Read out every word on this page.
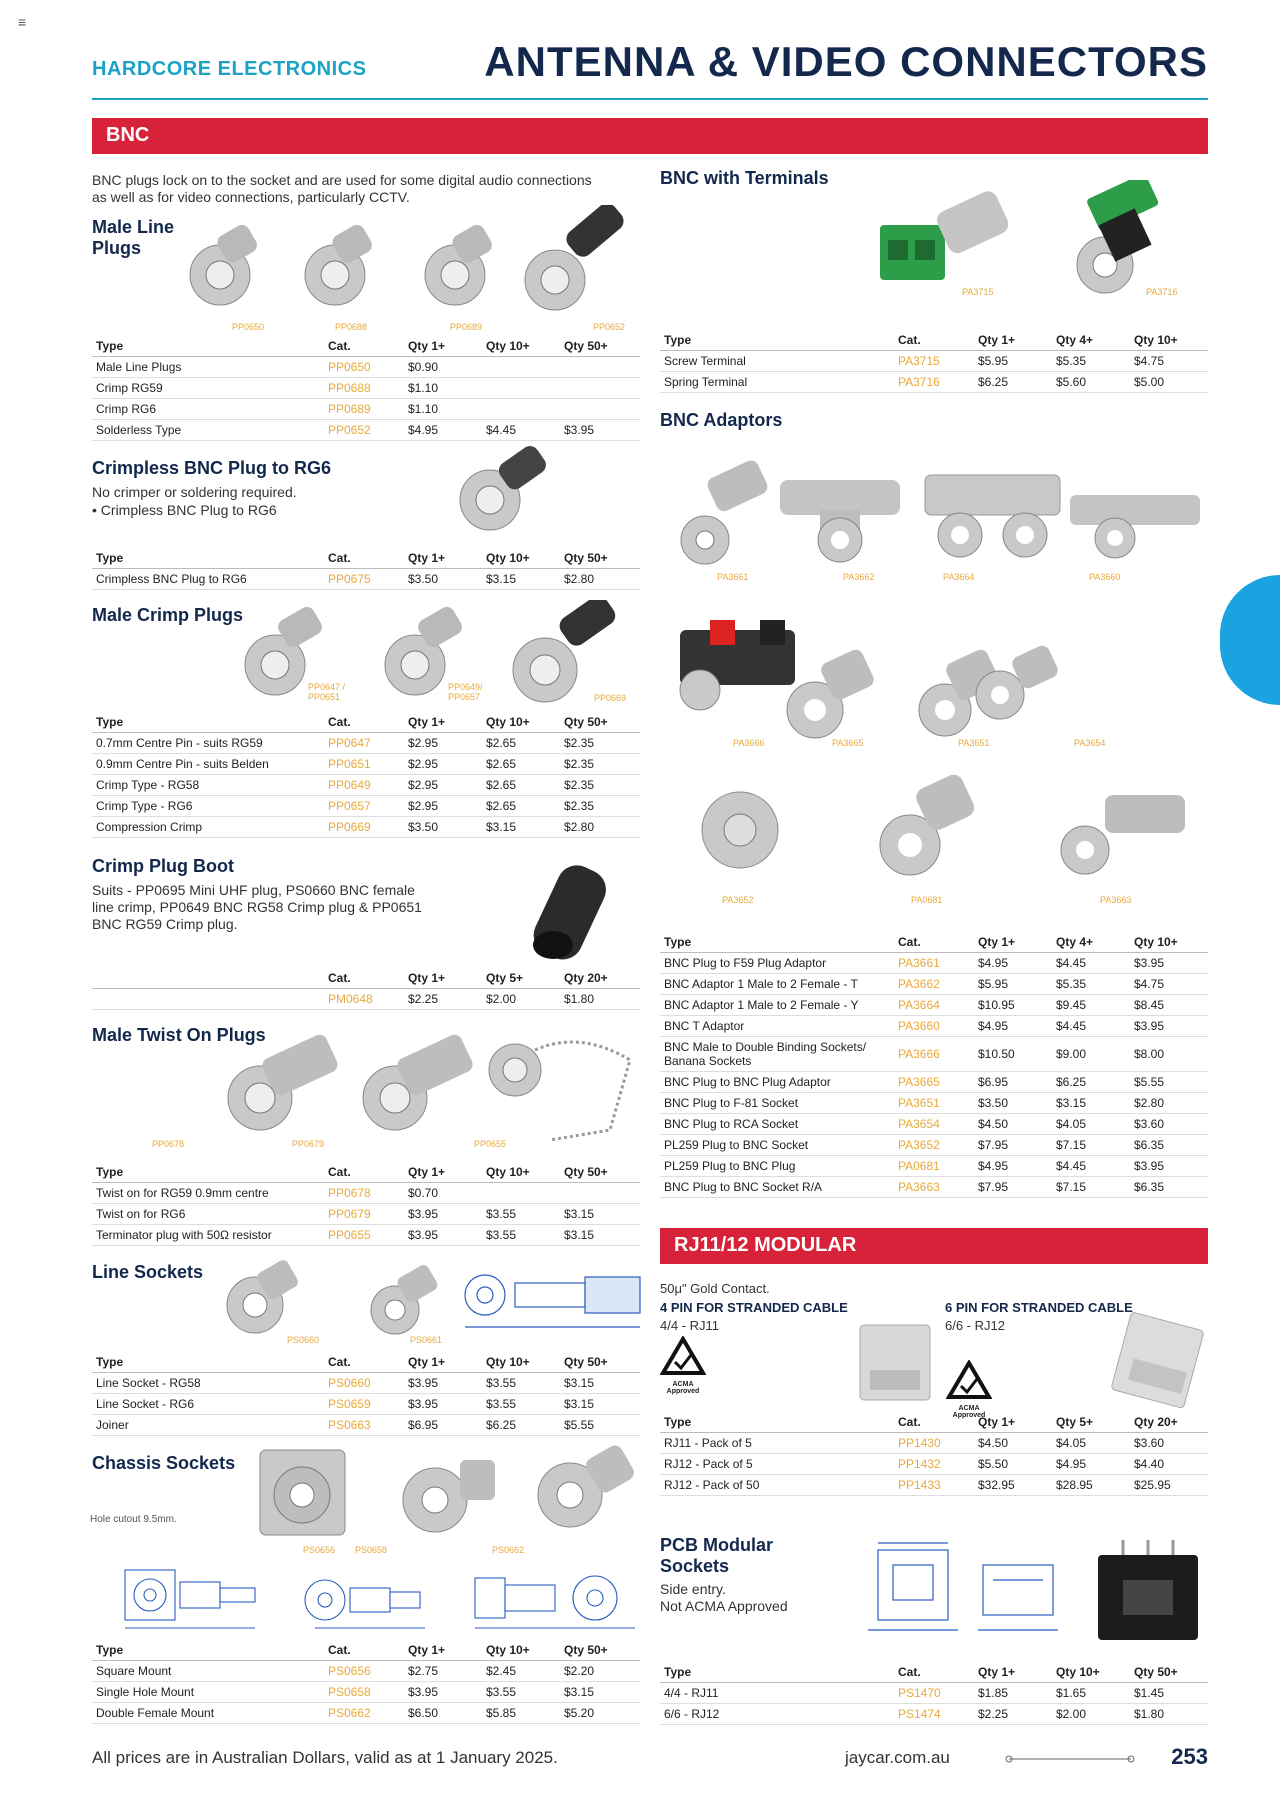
≡
HARDCORE ELECTRONICS	ANTENNA & VIDEO CONNECTORS
BNC
BNC plugs lock on to the socket and are used for some digital audio connections as well as for video connections, particularly CCTV.
Male Line Plugs
PP0650	PP0688	PP0689	PP0652
Type	Cat.	Qty 1+	Qty 10+	Qty 50+
Male Line Plugs	PP0650	$0.90		
Crimp RG59	PP0688	$1.10		
Crimp RG6	PP0689	$1.10		
Solderless Type	PP0652	$4.95	$4.45	$3.95
Crimpless BNC Plug to RG6
No crimper or soldering required.
• Crimpless BNC Plug to RG6
Type	Cat.	Qty 1+	Qty 10+	Qty 50+
Crimpless BNC Plug to RG6	PP0675	$3.50	$3.15	$2.80
Male Crimp Plugs
PP0647 / PP0651
PP0649/ PP0657	PP0669
Type	Cat.	Qty 1+	Qty 10+	Qty 50+
0.7mm Centre Pin - suits RG59	PP0647	$2.95	$2.65	$2.35
0.9mm Centre Pin - suits Belden	PP0651	$2.95	$2.65	$2.35
Crimp Type - RG58	PP0649	$2.95	$2.65	$2.35
Crimp Type - RG6	PP0657	$2.95	$2.65	$2.35
Compression Crimp	PP0669	$3.50	$3.15	$2.80
Crimp Plug Boot
Suits - PP0695 Mini UHF plug, PS0660 BNC female line crimp, PP0649 BNC RG58 Crimp plug & PP0651 BNC RG59 Crimp plug.
	Cat.	Qty 1+	Qty 5+	Qty 20+
	PM0648	$2.25	$2.00	$1.80
Male Twist On Plugs
PP0678	PP0679	PP0655
Type	Cat.	Qty 1+	Qty 10+	Qty 50+
Twist on for RG59 0.9mm centre	PP0678	$0.70		
Twist on for RG6	PP0679	$3.95	$3.55	$3.15
Terminator plug with 50Ω resistor	PP0655	$3.95	$3.55	$3.15
Line Sockets
PS0660	PS0661
Type	Cat.	Qty 1+	Qty 10+	Qty 50+
Line Socket - RG58	PS0660	$3.95	$3.55	$3.15
Line Socket - RG6	PS0659	$3.95	$3.55	$3.15
Joiner	PS0663	$6.95	$6.25	$5.55
Chassis Sockets
Hole cutout 9.5mm.
PS0656 PS0658	PS0662
Type	Cat.	Qty 1+	Qty 10+	Qty 50+
Square Mount	PS0656	$2.75	$2.45	$2.20
Single Hole Mount	PS0658	$3.95	$3.55	$3.15
Double Female Mount	PS0662	$6.50	$5.85	$5.20
BNC with Terminals
PA3715	PA3716
Type	Cat.	Qty 1+	Qty 4+	Qty 10+
Screw Terminal	PA3715	$5.95	$5.35	$4.75
Spring Terminal	PA3716	$6.25	$5.60	$5.00
BNC Adaptors
PA3661	PA3662	PA3664	PA3660
PA3666	PA3665	PA3651	PA3654
PA3652	PA0681	PA3663
Type	Cat.	Qty 1+	Qty 4+	Qty 10+
BNC Plug to F59 Plug Adaptor	PA3661	$4.95	$4.45	$3.95
BNC Adaptor 1 Male to 2 Female - T	PA3662	$5.95	$5.35	$4.75
BNC Adaptor 1 Male to 2 Female - Y	PA3664	$10.95	$9.45	$8.45
BNC T Adaptor	PA3660	$4.95	$4.45	$3.95
BNC Male to Double Binding Sockets/ Banana Sockets	PA3666	$10.50	$9.00	$8.00
BNC Plug to BNC Plug Adaptor	PA3665	$6.95	$6.25	$5.55
BNC Plug to F-81 Socket	PA3651	$3.50	$3.15	$2.80
BNC Plug to RCA Socket	PA3654	$4.50	$4.05	$3.60
PL259 Plug to BNC Socket	PA3652	$7.95	$7.15	$6.35
PL259 Plug to BNC Plug	PA0681	$4.95	$4.45	$3.95
BNC Plug to BNC Socket R/A	PA3663	$7.95	$7.15	$6.35
RJ11/12 MODULAR
50μ" Gold Contact.
4 PIN FOR STRANDED CABLE
4/4 - RJ11
6 PIN FOR STRANDED CABLE
6/6 - RJ12
ACMA Approved
ACMA Approved
Type	Cat.	Qty 1+	Qty 5+	Qty 20+
RJ11 - Pack of 5	PP1430	$4.50	$4.05	$3.60
RJ12 - Pack of 5	PP1432	$5.50	$4.95	$4.40
RJ12 - Pack of 50	PP1433	$32.95	$28.95	$25.95
PCB Modular Sockets
Side entry.
Not ACMA Approved
Type	Cat.	Qty 1+	Qty 10+	Qty 50+
4/4 - RJ11	PS1470	$1.85	$1.65	$1.45
6/6 - RJ12	PS1474	$2.25	$2.00	$1.80
All prices are in Australian Dollars, valid as at 1 January 2025.	jaycar.com.au	253
